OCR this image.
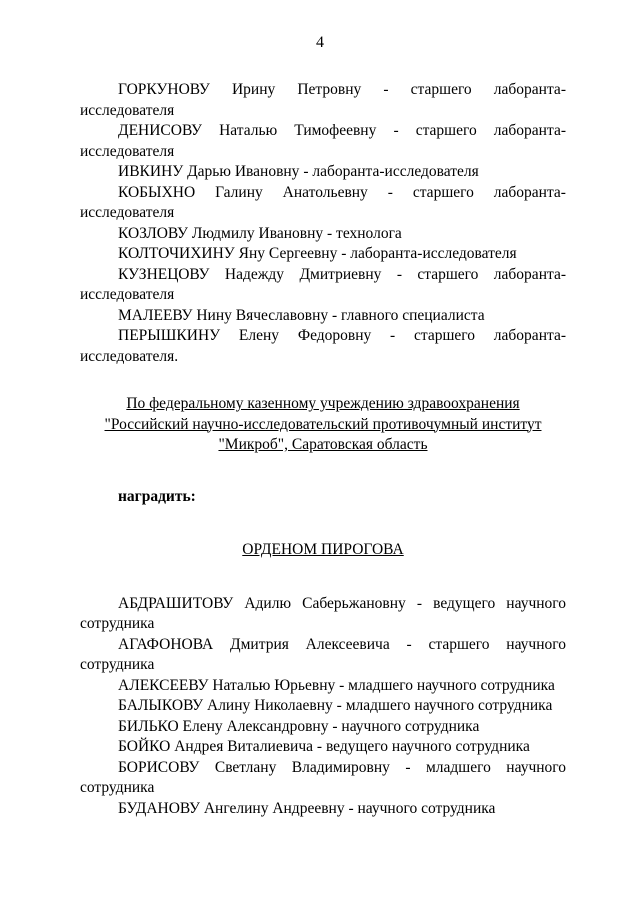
4

ГОРКУНОВУ Ирину Петровну - старшего лаборанта-исследователя

ДЕНИСОВУ Наталью Тимофеевну - старшего лаборанта-исследователя

ИВКИНУ Дарью Ивановну - лаборанта-исследователя

КОБЫХНО Галину Анатольевну - старшего лаборанта-исследователя

КОЗЛОВУ Людмилу Ивановну - технолога

КОЛТОЧИХИНУ Яну Сергеевну - лаборанта-исследователя

КУЗНЕЦОВУ Надежду Дмитриевну - старшего лаборанта-исследователя

МАЛЕЕВУ Нину Вячеславовну - главного специалиста

ПЕРЫШКИНУ Елену Федоровну - старшего лаборанта-исследователя.

По федеральному казенному учреждению здравоохранения
"Российский научно-исследовательский противочумный институт
"Микроб", Саратовская область

наградить:

ОРДЕНОМ ПИРОГОВА

АБДРАШИТОВУ Адилю Саберьжановну - ведущего научного сотрудника

АГАФОНОВА Дмитрия Алексеевича - старшего научного сотрудника

АЛЕКСЕЕВУ Наталью Юрьевну - младшего научного сотрудника

БАЛЫКОВУ Алину Николаевну - младшего научного сотрудника

БИЛЬКО Елену Александровну - научного сотрудника

БОЙКО Андрея Виталиевича - ведущего научного сотрудника

БОРИСОВУ Светлану Владимировну - младшего научного сотрудника

БУДАНОВУ Ангелину Андреевну - научного сотрудника
